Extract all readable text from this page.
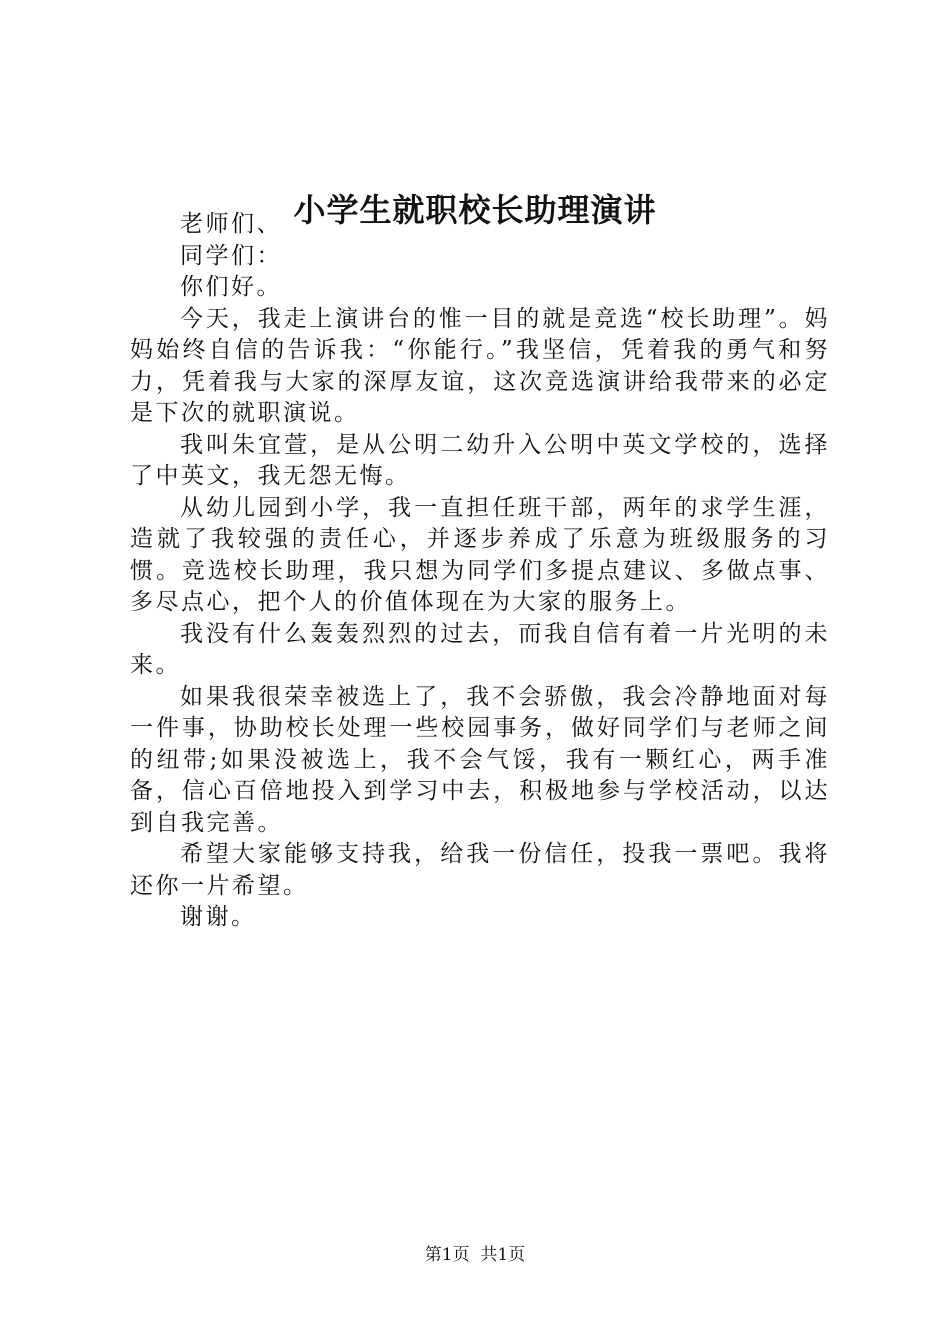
小学生就职校长助理演讲

老师们、

同学们：

你们好。

今天，我走上演讲台的惟一目的就是竞选“校长助理”。妈妈始终自信的告诉我：“你能行。”我坚信，凭着我的勇气和努力，凭着我与大家的深厚友谊，这次竞选演讲给我带来的必定是下次的就职演说。

我叫朱宜萱，是从公明二幼升入公明中英文学校的，选择了中英文，我无怨无悔。

从幼儿园到小学，我一直担任班干部，两年的求学生涯，造就了我较强的责任心，并逐步养成了乐意为班级服务的习惯。竞选校长助理，我只想为同学们多提点建议、多做点事、多尽点心，把个人的价值体现在为大家的服务上。

我没有什么轰轰烈烈的过去，而我自信有着一片光明的未来。

如果我很荣幸被选上了，我不会骄傲，我会冷静地面对每一件事，协助校长处理一些校园事务，做好同学们与老师之间的纽带;如果没被选上，我不会气馁，我有一颗红心，两手准备，信心百倍地投入到学习中去，积极地参与学校活动，以达到自我完善。

希望大家能够支持我，给我一份信任，投我一票吧。我将还你一片希望。

谢谢。

第1页 共1页
